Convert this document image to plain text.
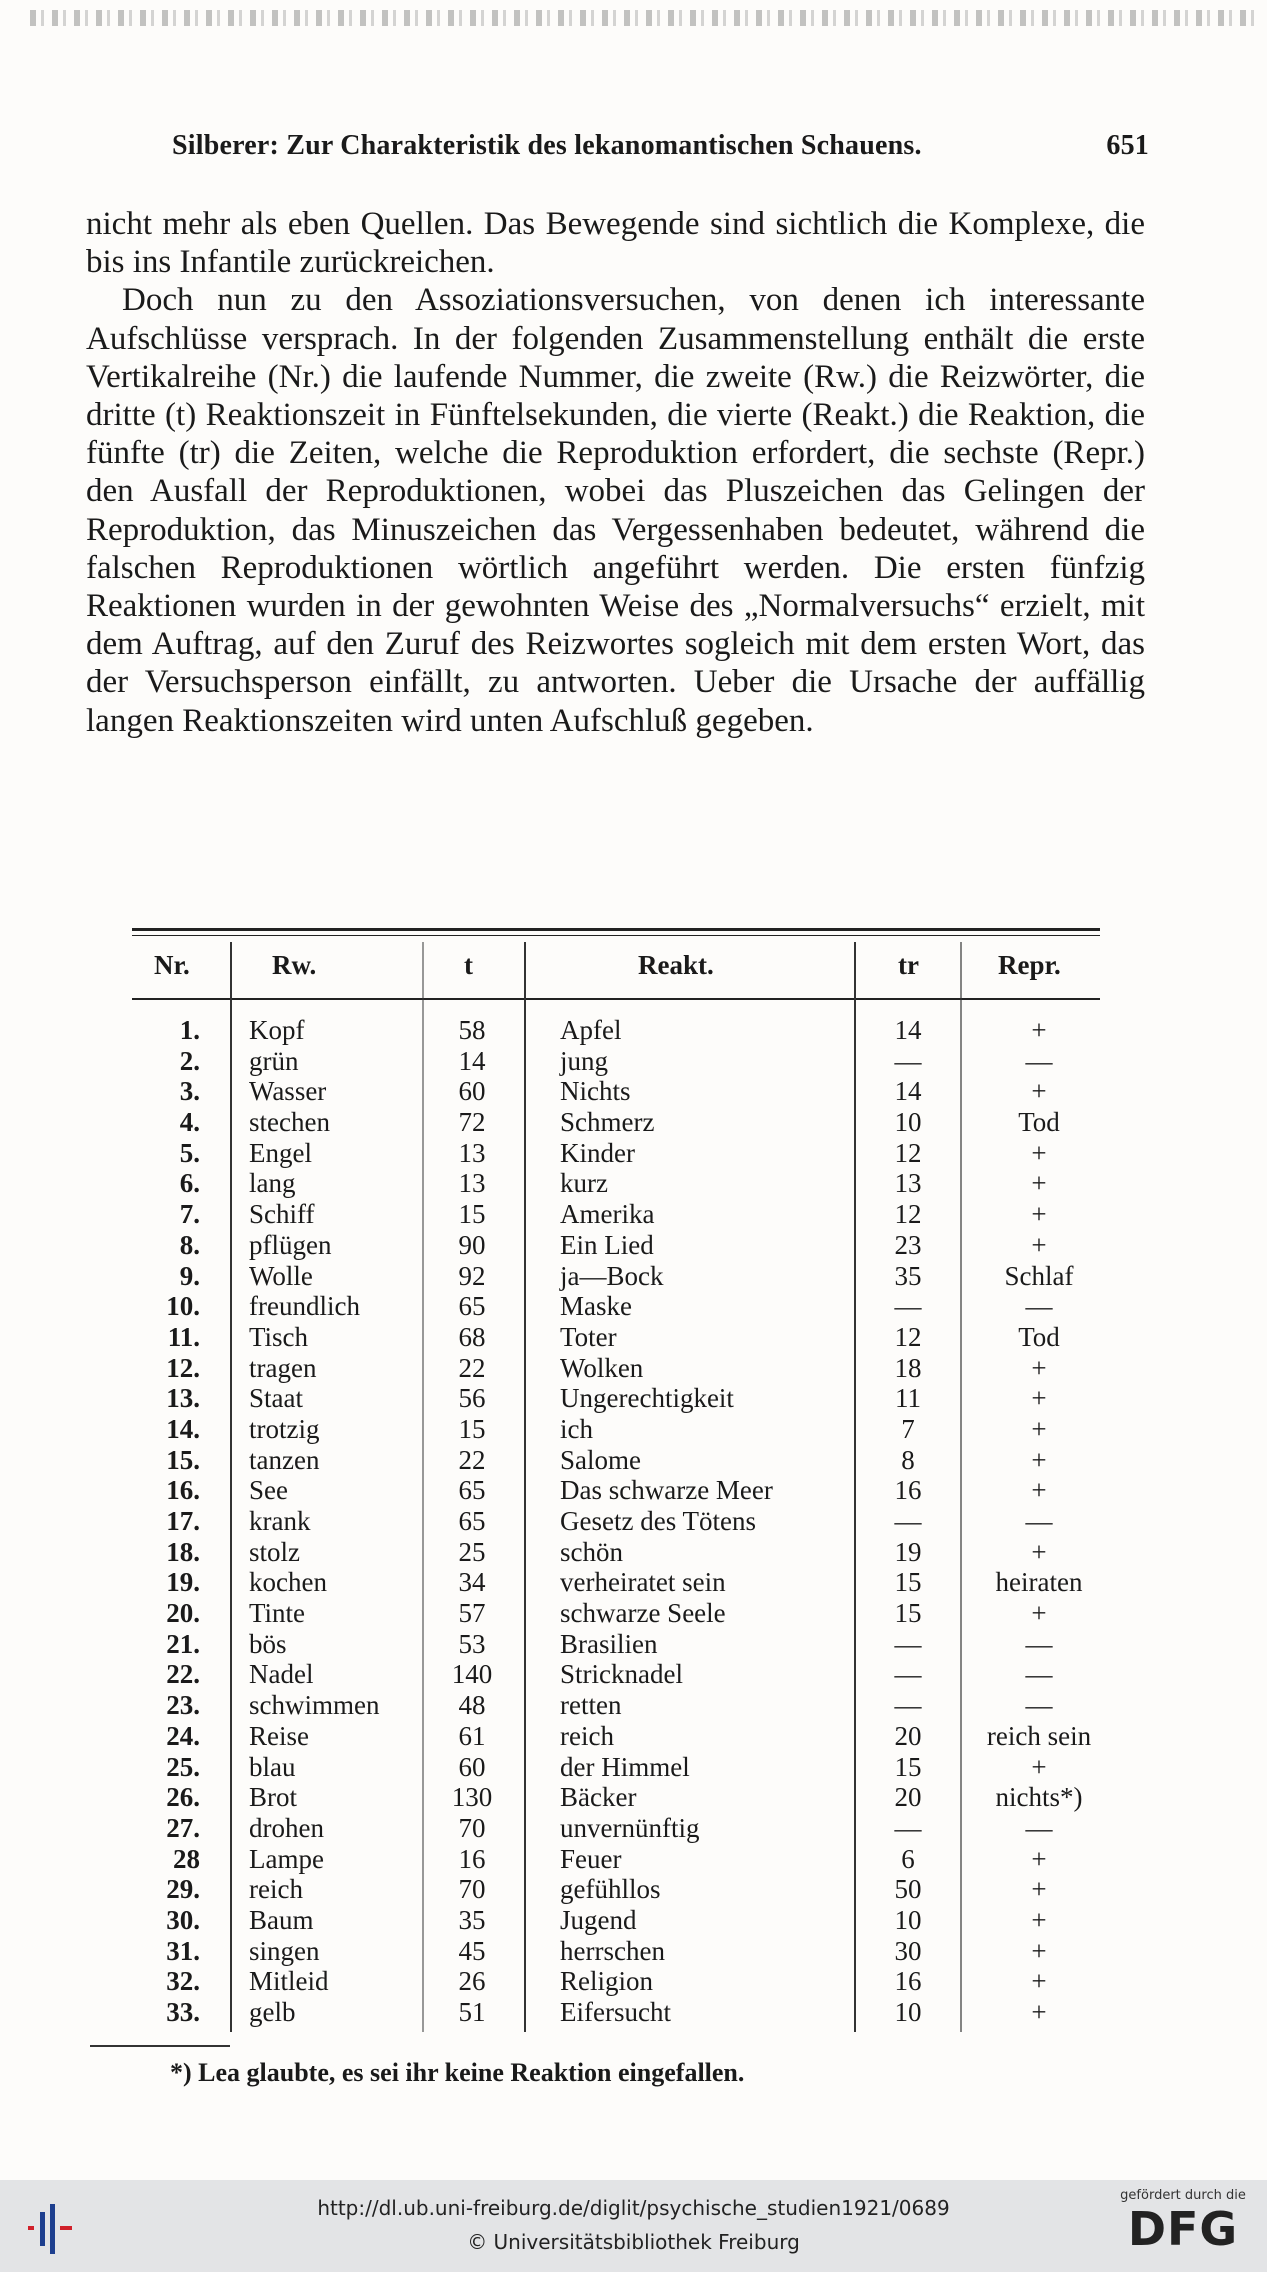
Silberer: Zur Charakteristik des lekanomantischen Schauens.	651

nicht mehr als eben Quellen. Das Bewegende sind sichtlich die Komplexe, die bis ins Infantile zurückreichen.

Doch nun zu den Assoziationsversuchen, von denen ich interessante Aufschlüsse versprach. In der folgenden Zusammenstellung enthält die erste Vertikalreihe (Nr.) die laufende Nummer, die zweite (Rw.) die Reizwörter, die dritte (t) Reaktionszeit in Fünftelsekunden, die vierte (Reakt.) die Reaktion, die fünfte (tr) die Zeiten, welche die Reproduktion erfordert, die sechste (Repr.) den Ausfall der Reproduktionen, wobei das Pluszeichen das Gelingen der Reproduktion, das Minuszeichen das Vergessenhaben bedeutet, während die falschen Reproduktionen wörtlich angeführt werden. Die ersten fünfzig Reaktionen wurden in der gewohnten Weise des „Normalversuchs“ erzielt, mit dem Auftrag, auf den Zuruf des Reizwortes sogleich mit dem ersten Wort, das der Versuchsperson einfällt, zu antworten. Ueber die Ursache der auffällig langen Reaktionszeiten wird unten Aufschluß gegeben.

Nr.	Rw.	t	Reakt.	tr	Repr.
1. Kopf	58	Apfel	14	+
2. grün	14	jung	—	—
3. Wasser	60	Nichts	14	+
4. stechen	72	Schmerz	10	Tod
5. Engel	13	Kinder	12	+
6. lang	13	kurz	13	+
7. Schiff	15	Amerika	12	+
8. pflügen	90	Ein Lied	23	+
9. Wolle	92	ja—Bock	35	Schlaf
10. freundlich	65	Maske	—	—
11. Tisch	68	Toter	12	Tod
12. tragen	22	Wolken	18	+
13. Staat	56	Ungerechtigkeit	11	+
14. trotzig	15	ich	7	+
15. tanzen	22	Salome	8	+
16. See	65	Das schwarze Meer	16	+
17. krank	65	Gesetz des Tötens	—	—
18. stolz	25	schön	19	+
19. kochen	34	verheiratet sein	15	heiraten
20. Tinte	57	schwarze Seele	15	+
21. bös	53	Brasilien	—	—
22. Nadel	140	Stricknadel	—	—
23. schwimmen	48	retten	—	—
24. Reise	61	reich	20	reich sein
25. blau	60	der Himmel	15	+
26. Brot	130	Bäcker	20	nichts*)
27. drohen	70	unvernünftig	—	—
28 Lampe	16	Feuer	6	+
29. reich	70	gefühllos	50	+
30. Baum	35	Jugend	10	+
31. singen	45	herrschen	30	+
32. Mitleid	26	Religion	16	+
33. gelb	51	Eifersucht	10	+
*) Lea glaubte, es sei ihr keine Reaktion eingefallen.
http://dl.ub.uni-freiburg.de/diglit/psychische_studien1921/0689
© Universitätsbibliothek Freiburg
gefördert durch die
DFG
